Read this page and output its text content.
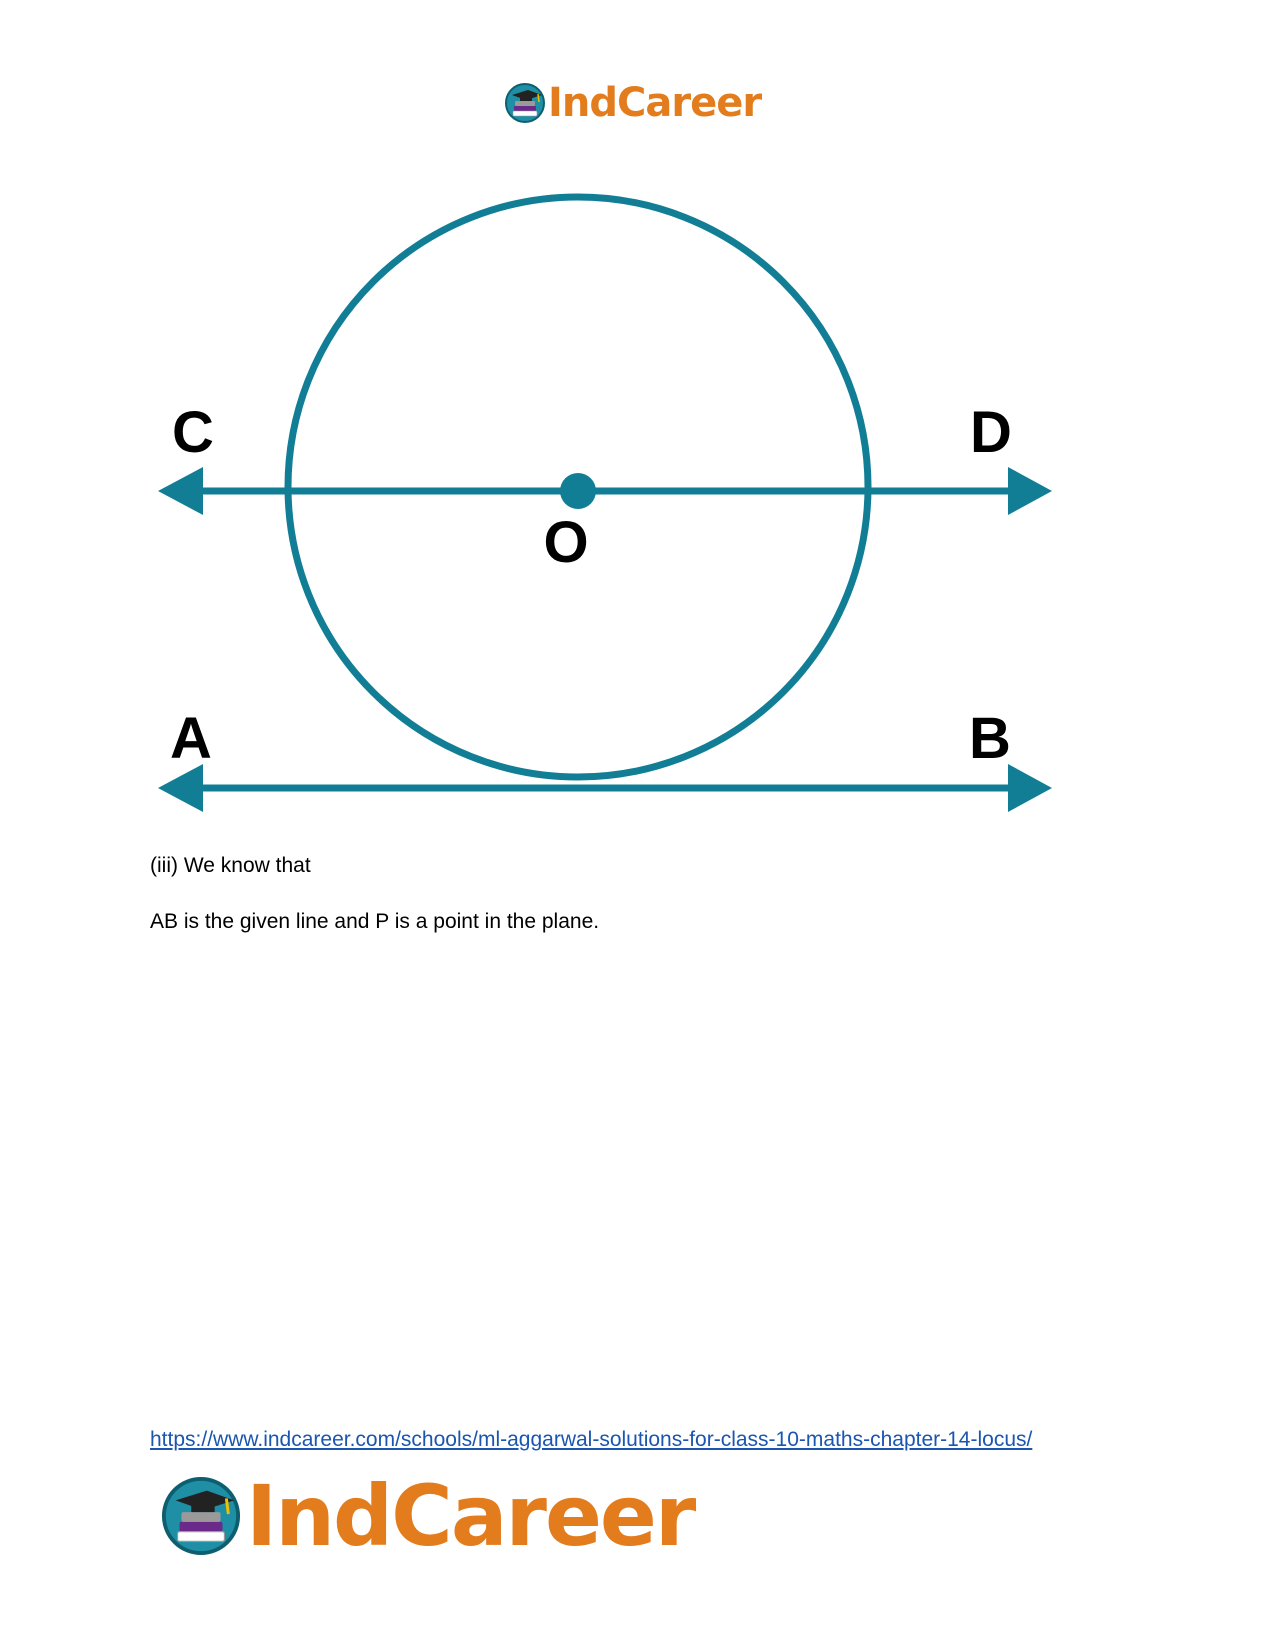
IndCareer
C	D
O
A	B
(iii) We know that
AB is the given line and P is a point in the plane.
https://www.indcareer.com/schools/ml-aggarwal-solutions-for-class-10-maths-chapter-14-locus/
IndCareer
